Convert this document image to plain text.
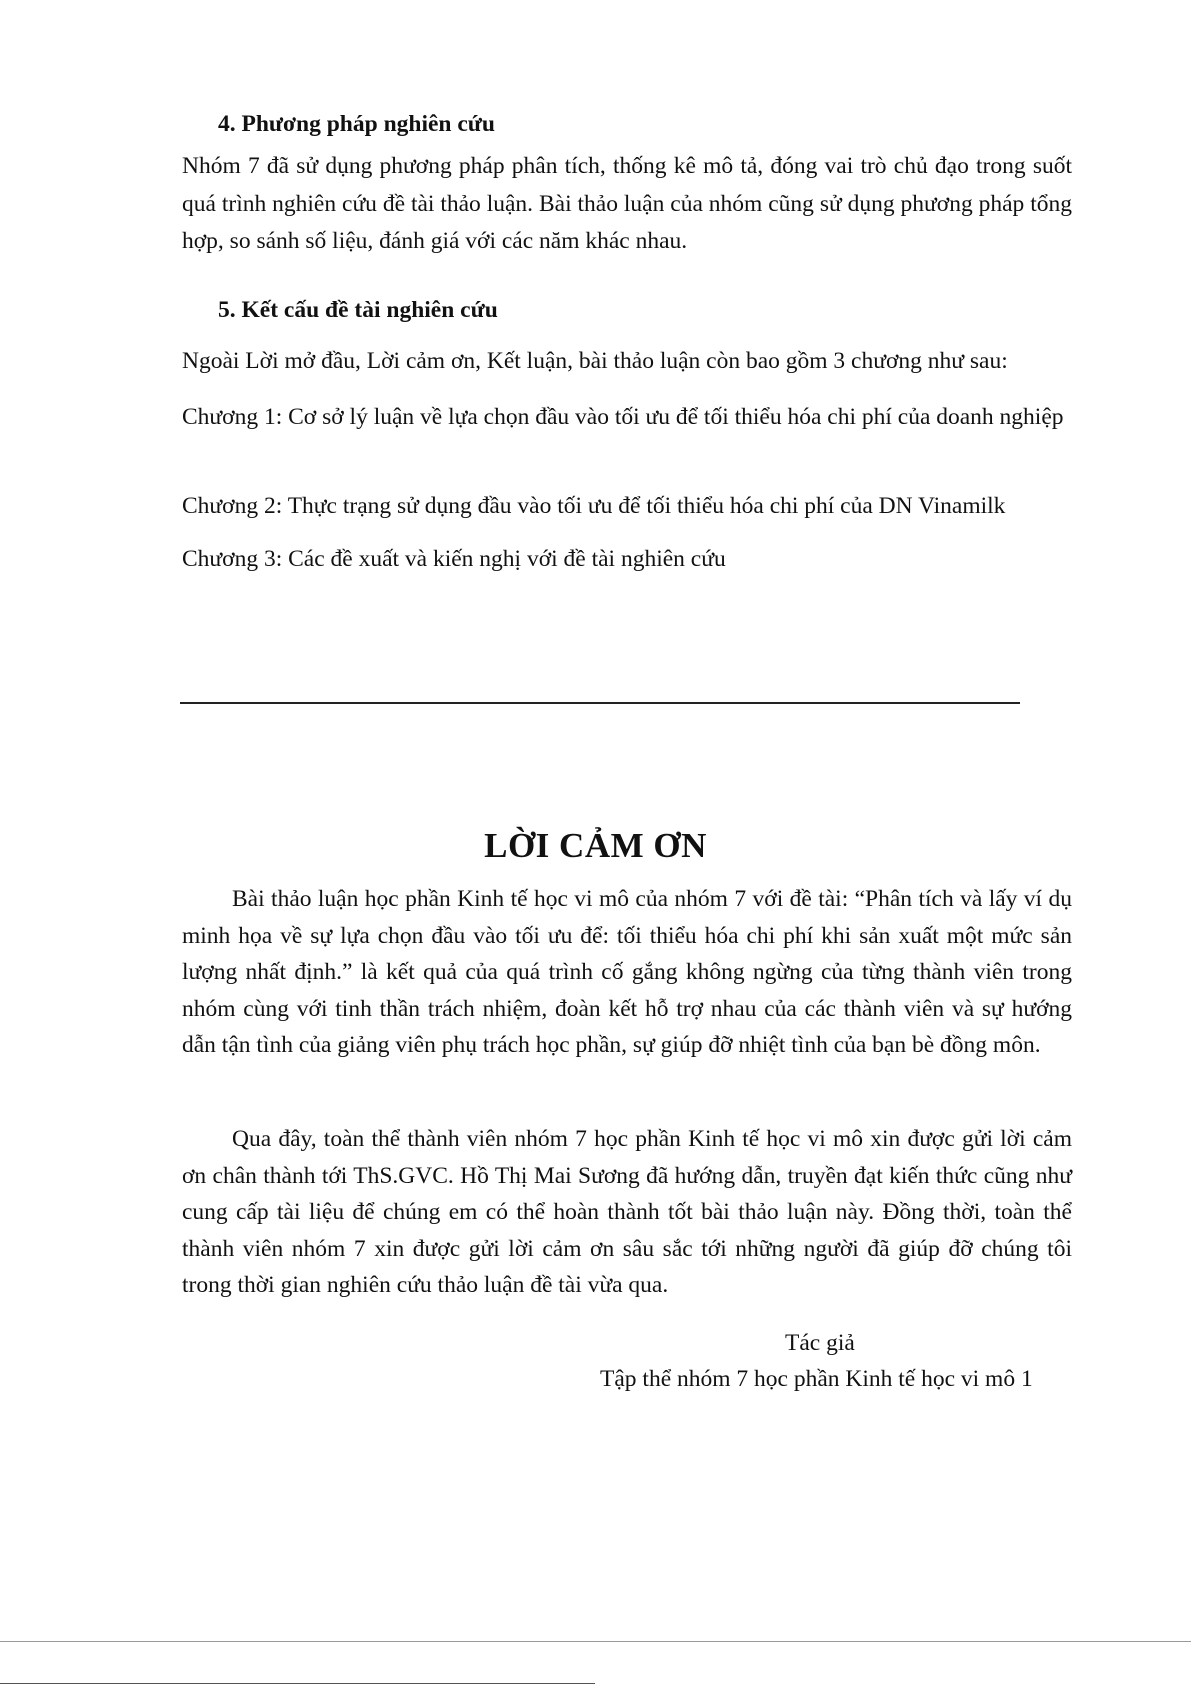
4. Phương pháp nghiên cứu

Nhóm 7 đã sử dụng phương pháp phân tích, thống kê mô tả, đóng vai trò chủ đạo trong suốt quá trình nghiên cứu đề tài thảo luận. Bài thảo luận của nhóm cũng sử dụng phương pháp tổng hợp, so sánh số liệu, đánh giá với các năm khác nhau.

5. Kết cấu đề tài nghiên cứu

Ngoài Lời mở đầu, Lời cảm ơn, Kết luận, bài thảo luận còn bao gồm 3 chương như sau:

Chương 1: Cơ sở lý luận về lựa chọn đầu vào tối ưu để tối thiểu hóa chi phí của doanh nghiệp

Chương 2: Thực trạng sử dụng đầu vào tối ưu để tối thiểu hóa chi phí của DN Vinamilk

Chương 3: Các đề xuất và kiến nghị với đề tài nghiên cứu

LỜI CẢM ƠN

Bài thảo luận học phần Kinh tế học vi mô của nhóm 7 với đề tài: “Phân tích và lấy ví dụ minh họa về sự lựa chọn đầu vào tối ưu để: tối thiểu hóa chi phí khi sản xuất một mức sản lượng nhất định.” là kết quả của quá trình cố gắng không ngừng của từng thành viên trong nhóm cùng với tinh thần trách nhiệm, đoàn kết hỗ trợ nhau của các thành viên và sự hướng dẫn tận tình của giảng viên phụ trách học phần, sự giúp đỡ nhiệt tình của bạn bè đồng môn.

Qua đây, toàn thể thành viên nhóm 7 học phần Kinh tế học vi mô xin được gửi lời cảm ơn chân thành tới ThS.GVC. Hồ Thị Mai Sương đã hướng dẫn, truyền đạt kiến thức cũng như cung cấp tài liệu để chúng em có thể hoàn thành tốt bài thảo luận này. Đồng thời, toàn thể thành viên nhóm 7 xin được gửi lời cảm ơn sâu sắc tới những người đã giúp đỡ chúng tôi trong thời gian nghiên cứu thảo luận đề tài vừa qua.

Tác giả

Tập thể nhóm 7 học phần Kinh tế học vi mô 1
